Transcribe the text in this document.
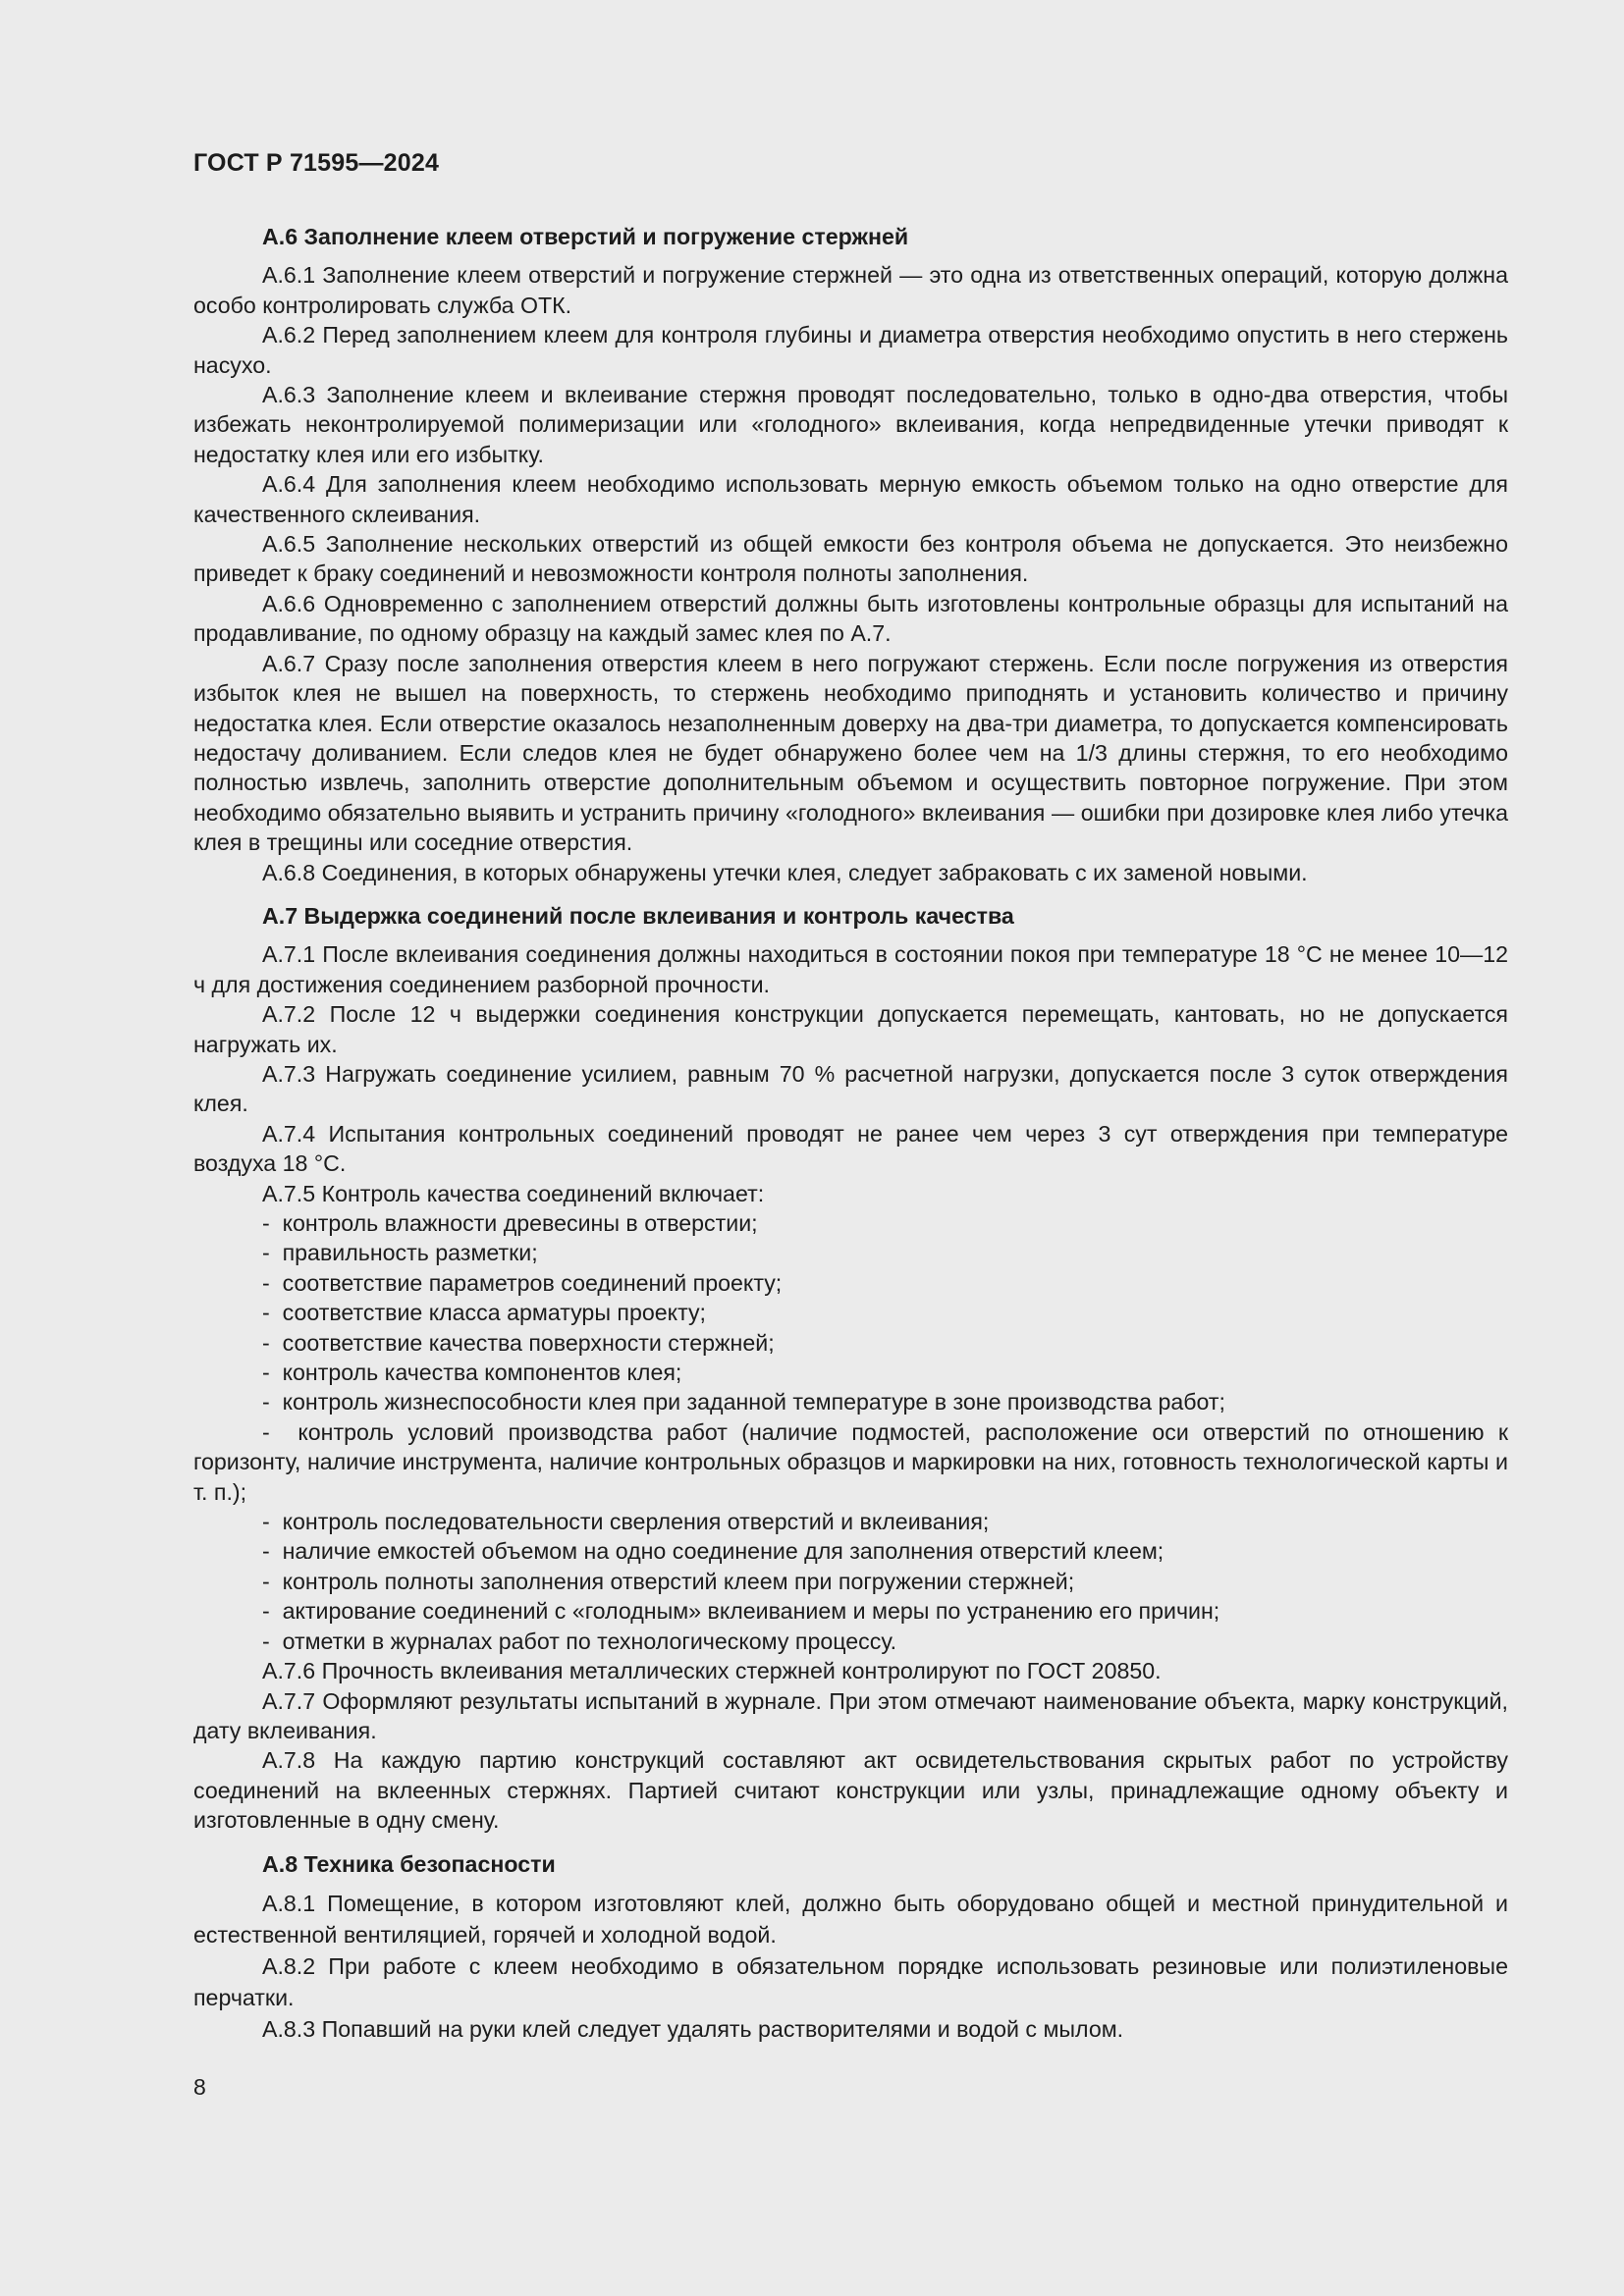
ГОСТ Р 71595—2024
А.6 Заполнение клеем отверстий и погружение стержней

А.6.1 Заполнение клеем отверстий и погружение стержней — это одна из ответственных операций, которую должна особо контролировать служба ОТК.

А.6.2 Перед заполнением клеем для контроля глубины и диаметра отверстия необходимо опустить в него стержень насухо.

А.6.3 Заполнение клеем и вклеивание стержня проводят последовательно, только в одно-два отверстия, чтобы избежать неконтролируемой полимеризации или «голодного» вклеивания, когда непредвиденные утечки приводят к недостатку клея или его избытку.

А.6.4 Для заполнения клеем необходимо использовать мерную емкость объемом только на одно отверстие для качественного склеивания.

А.6.5 Заполнение нескольких отверстий из общей емкости без контроля объема не допускается. Это неизбежно приведет к браку соединений и невозможности контроля полноты заполнения.

А.6.6 Одновременно с заполнением отверстий должны быть изготовлены контрольные образцы для испытаний на продавливание, по одному образцу на каждый замес клея по А.7.

А.6.7 Сразу после заполнения отверстия клеем в него погружают стержень. Если после погружения из отверстия избыток клея не вышел на поверхность, то стержень необходимо приподнять и установить количество и причину недостатка клея. Если отверстие оказалось незаполненным доверху на два-три диаметра, то допускается компенсировать недостачу доливанием. Если следов клея не будет обнаружено более чем на 1/3 длины стержня, то его необходимо полностью извлечь, заполнить отверстие дополнительным объемом и осуществить повторное погружение. При этом необходимо обязательно выявить и устранить причину «голодного» вклеивания — ошибки при дозировке клея либо утечка клея в трещины или соседние отверстия.

А.6.8 Соединения, в которых обнаружены утечки клея, следует забраковать с их заменой новыми.

А.7 Выдержка соединений после вклеивания и контроль качества

А.7.1 После вклеивания соединения должны находиться в состоянии покоя при температуре 18 °С не менее 10—12 ч для достижения соединением разборной прочности.

А.7.2 После 12 ч выдержки соединения конструкции допускается перемещать, кантовать, но не допускается нагружать их.

А.7.3 Нагружать соединение усилием, равным 70 % расчетной нагрузки, допускается после 3 суток отверждения клея.

А.7.4 Испытания контрольных соединений проводят не ранее чем через 3 сут отверждения при температуре воздуха 18 °С.

А.7.5 Контроль качества соединений включает:

-  контроль влажности древесины в отверстии;
-  правильность разметки;
-  соответствие параметров соединений проекту;
-  соответствие класса арматуры проекту;
-  соответствие качества поверхности стержней;
-  контроль качества компонентов клея;
-  контроль жизнеспособности клея при заданной температуре в зоне производства работ;
-  контроль условий производства работ (наличие подмостей, расположение оси отверстий по отношению к горизонту, наличие инструмента, наличие контрольных образцов и маркировки на них, готовность технологической карты и т. п.);
-  контроль последовательности сверления отверстий и вклеивания;
-  наличие емкостей объемом на одно соединение для заполнения отверстий клеем;
-  контроль полноты заполнения отверстий клеем при погружении стержней;
-  актирование соединений с «голодным» вклеиванием и меры по устранению его причин;
-  отметки в журналах работ по технологическому процессу.

А.7.6 Прочность вклеивания металлических стержней контролируют по ГОСТ 20850.

А.7.7 Оформляют результаты испытаний в журнале. При этом отмечают наименование объекта, марку конструкций, дату вклеивания.

А.7.8 На каждую партию конструкций составляют акт освидетельствования скрытых работ по устройству соединений на вклеенных стержнях. Партией считают конструкции или узлы, принадлежащие одному объекту и изготовленные в одну смену.

А.8 Техника безопасности

А.8.1 Помещение, в котором изготовляют клей, должно быть оборудовано общей и местной принудительной и естественной вентиляцией, горячей и холодной водой.

А.8.2 При работе с клеем необходимо в обязательном порядке использовать резиновые или полиэтиленовые перчатки.

А.8.3 Попавший на руки клей следует удалять растворителями и водой с мылом.

8
